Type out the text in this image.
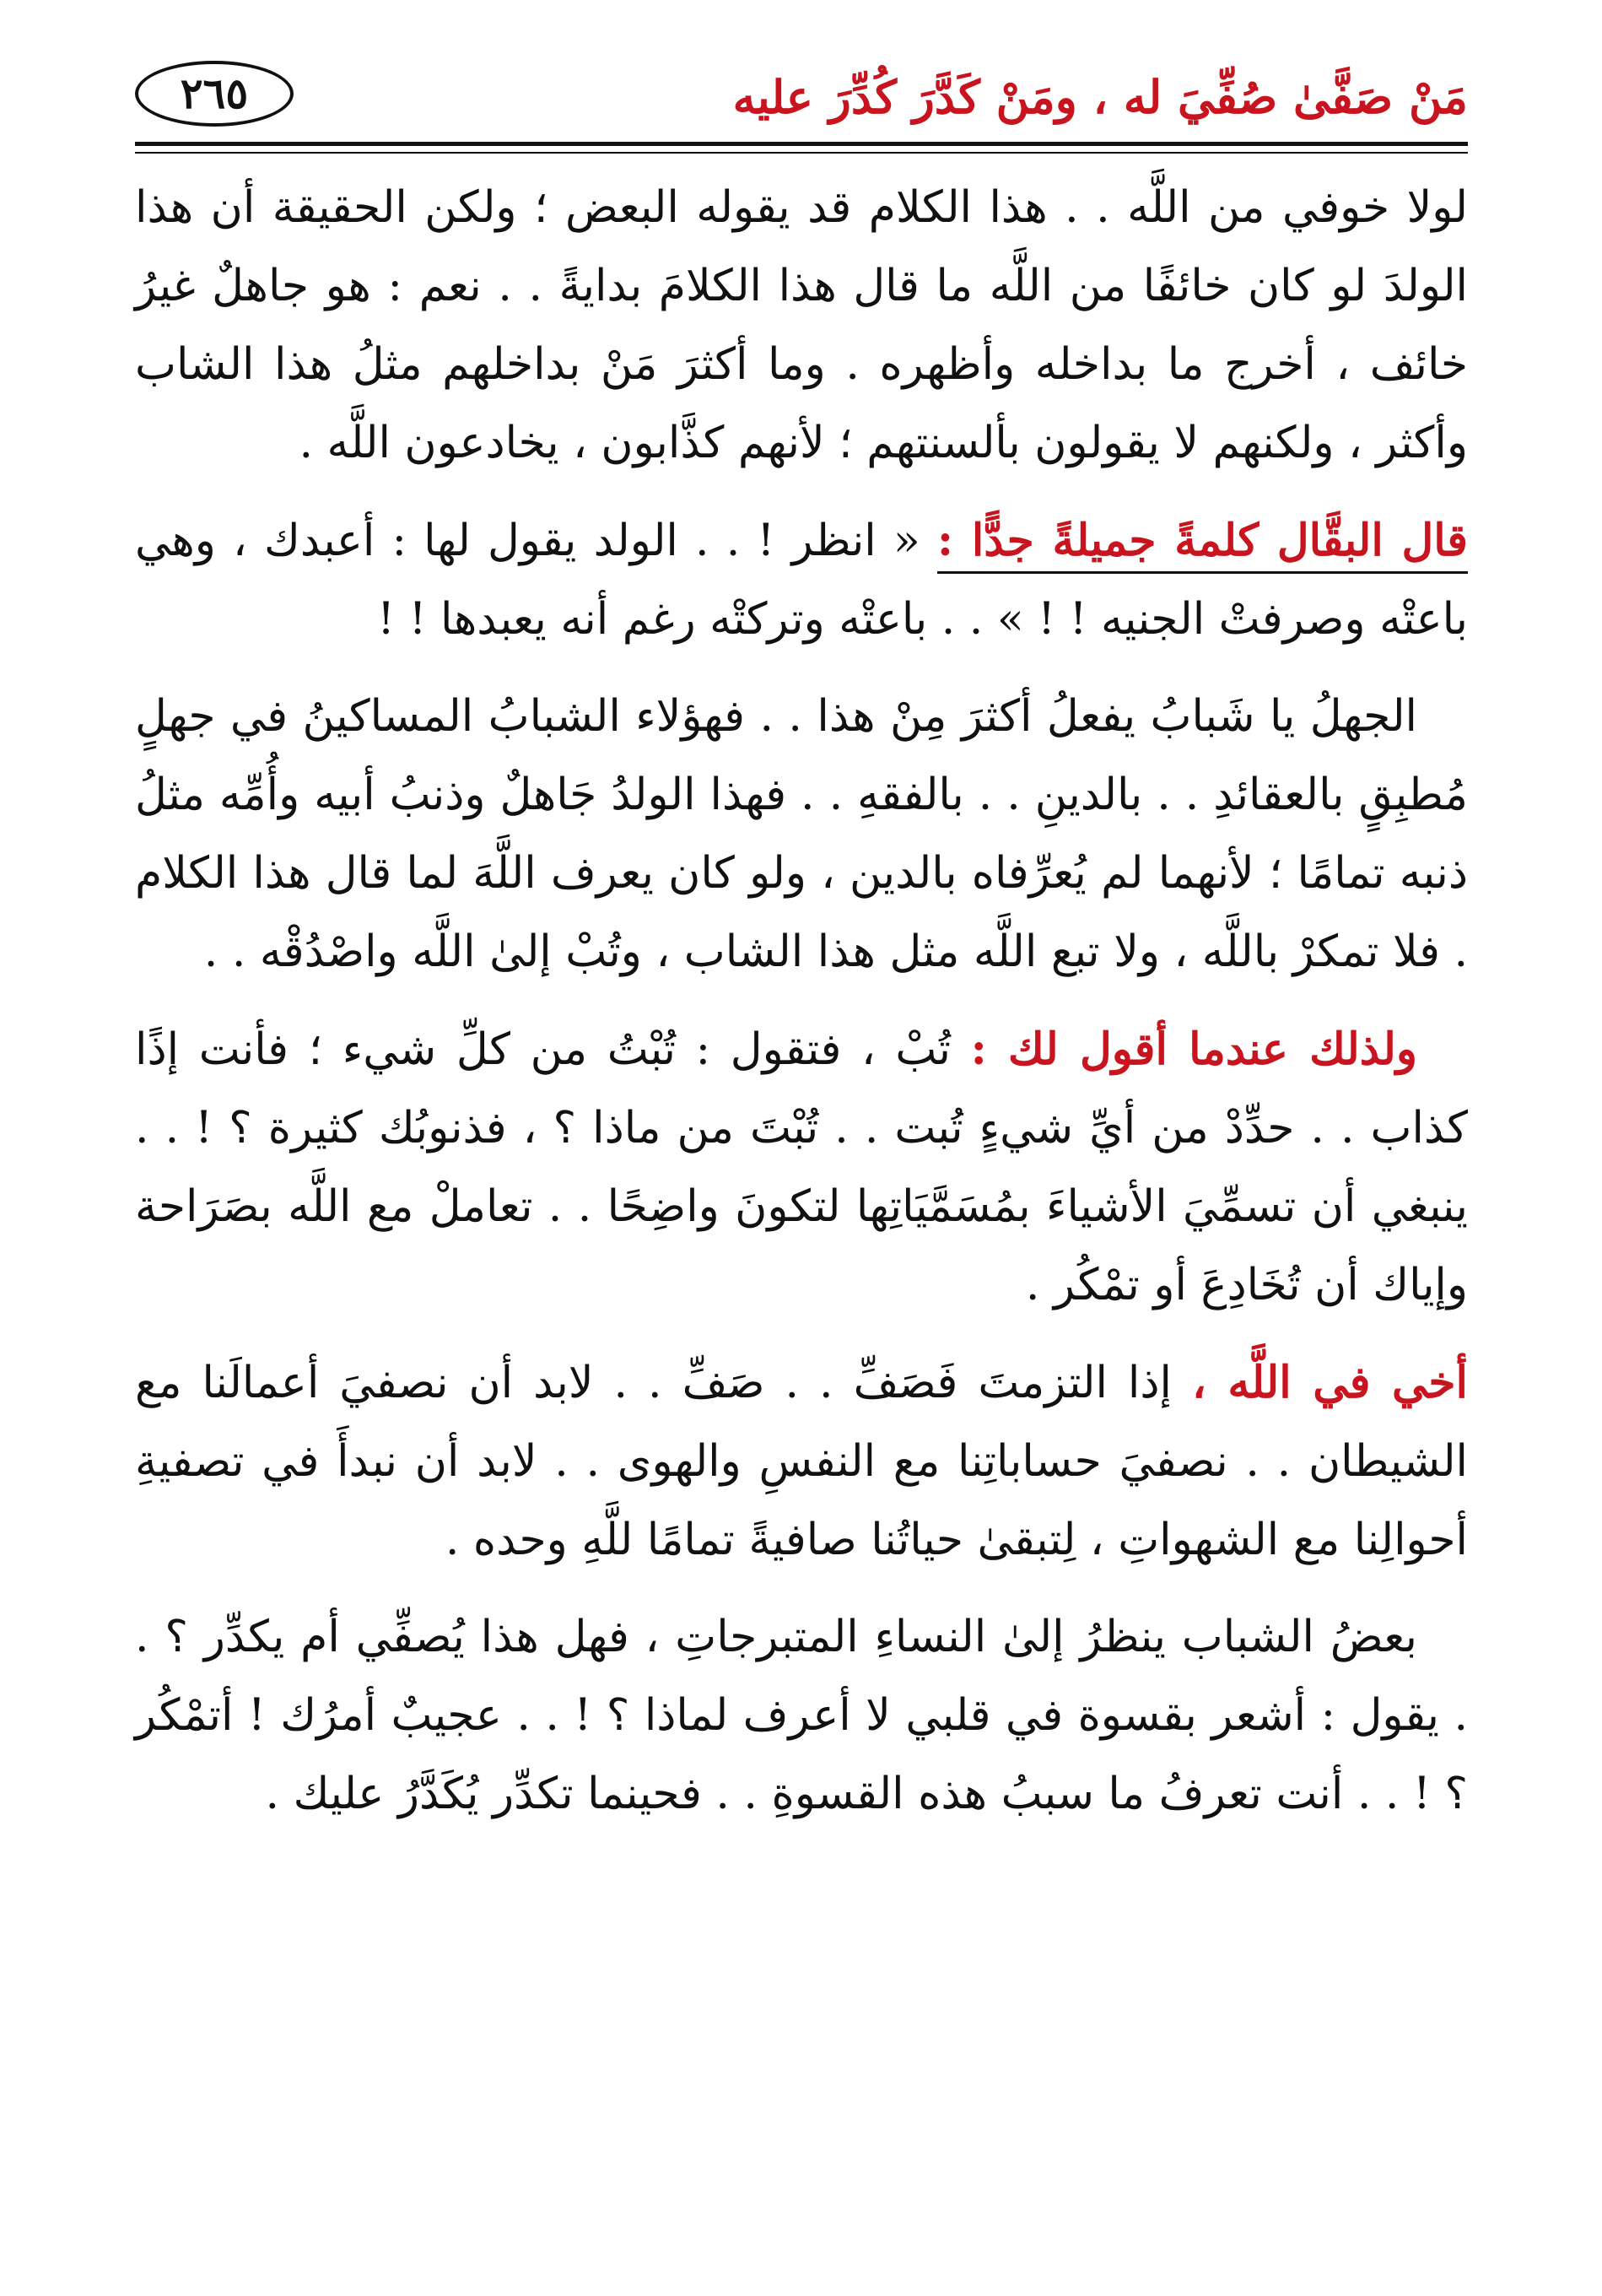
مَنْ صَفَّىٰ صُفِّيَ له ، ومَنْ كَدَّرَ كُدِّرَ عليه
٢٦٥

لولا خوفي من اللَّه . . هذا الكلام قد يقوله البعض ؛ ولكن الحقيقة أن هذا الولدَ لو كان خائفًا من اللَّه ما قال هذا الكلامَ بدايةً . . نعم : هو جاهلٌ غيرُ خائف ، أخرج ما بداخله وأظهره . وما أكثرَ مَنْ بداخلهم مثلُ هذا الشاب وأكثر ، ولكنهم لا يقولون بألسنتهم ؛ لأنهم كذَّابون ، يخادعون اللَّه .

قال البقَّال كلمةً جميلةً جدًّا : « انظر ! . . الولد يقول لها : أعبدك ، وهي باعتْه وصرفتْ الجنيه ! ! » . . باعتْه وتركتْه رغم أنه يعبدها ! !

الجهلُ يا شَبابُ يفعلُ أكثرَ مِنْ هذا . . فهؤلاء الشبابُ المساكينُ في جهلٍ مُطبِقٍ بالعقائدِ . . بالدينِ . . بالفقهِ . . فهذا الولدُ جَاهلٌ وذنبُ أبيه وأُمِّه مثلُ ذنبه تمامًا ؛ لأنهما لم يُعرِّفاه بالدين ، ولو كان يعرف اللَّهَ لما قال هذا الكلام . فلا تمكرْ باللَّه ، ولا تبع اللَّه مثل هذا الشاب ، وتُبْ إلىٰ اللَّه واصْدُقْه . .

ولذلك عندما أقول لك : تُبْ ، فتقول : تُبْتُ من كلِّ شيء ؛ فأنت إذًا كذاب . . حدِّدْ من أيِّ شيءٍ تُبت . . تُبْتَ من ماذا ؟ ، فذنوبُك كثيرة ؟ ! . . ينبغي أن تسمِّيَ الأشياءَ بمُسَمَّيَاتِها لتكونَ واضِحًا . . تعاملْ مع اللَّه بصَرَاحة وإياك أن تُخَادِعَ أو تمْكُر .

أخي في اللَّه ، إذا التزمتَ فَصَفِّ . . صَفِّ . . لابد أن نصفيَ أعمالَنا مع الشيطان . . نصفيَ حساباتِنا مع النفسِ والهوى . . لابد أن نبدأَ في تصفيةِ أحوالِنا مع الشهواتِ ، لِتبقىٰ حياتُنا صافيةً تمامًا للَّهِ وحده .

بعضُ الشباب ينظرُ إلىٰ النساءِ المتبرجاتِ ، فهل هذا يُصفِّي أم يكدِّر ؟ . . يقول : أشعر بقسوة في قلبي لا أعرف لماذا ؟ ! . . عجيبٌ أمرُك ! أتمْكُر ؟ ! . . أنت تعرفُ ما سببُ هذه القسوةِ . . فحينما تكدِّر يُكَدَّرُ عليك .
